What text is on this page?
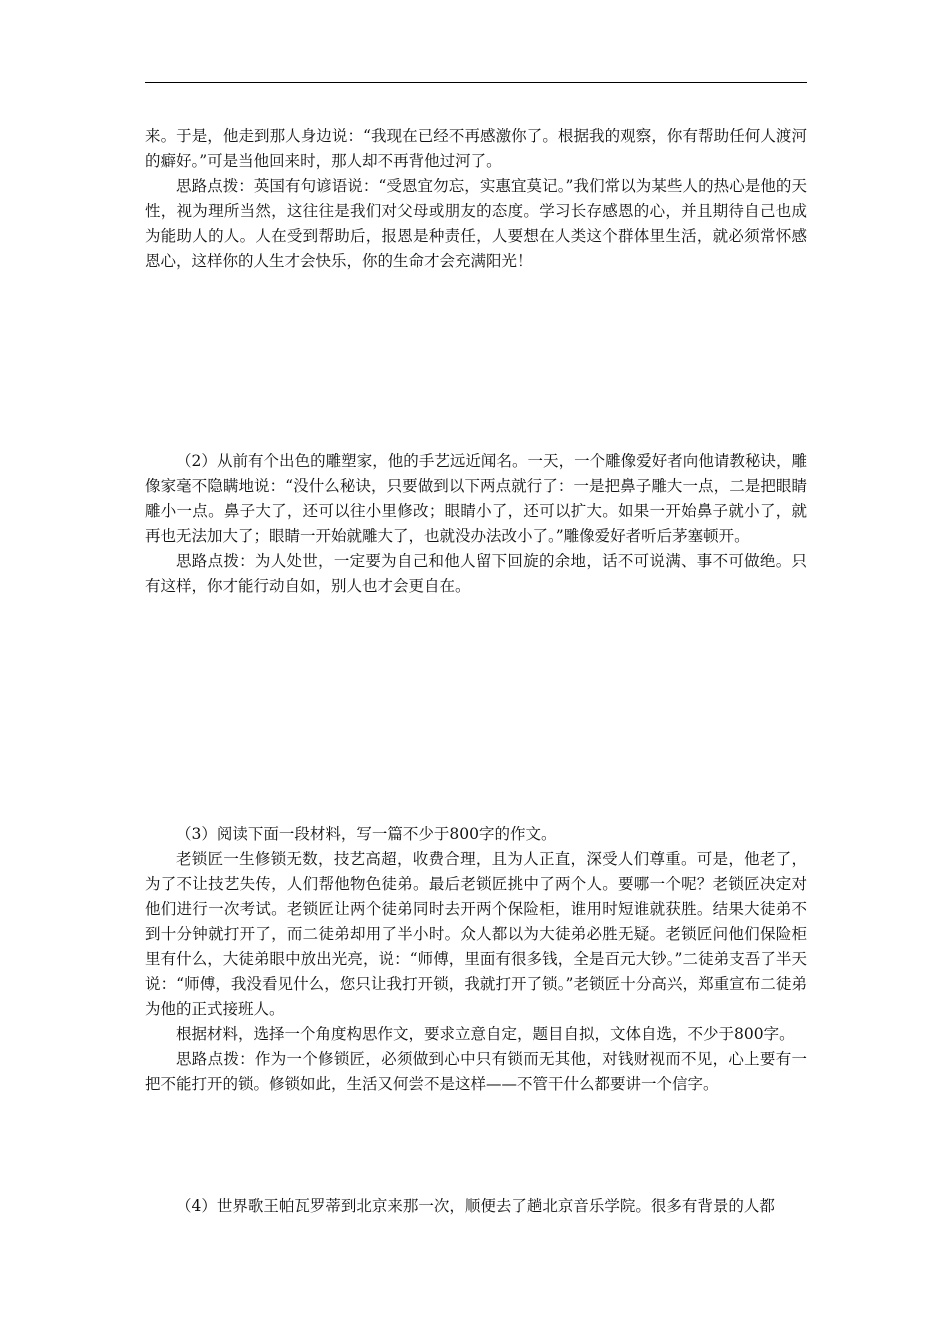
来。于是，他走到那人身边说：“我现在已经不再感激你了。根据我的观察，你有帮助任何人渡河的癖好。”可是当他回来时，那人却不再背他过河了。

思路点拨：英国有句谚语说：“受恩宜勿忘，实惠宜莫记。”我们常以为某些人的热心是他的天性，视为理所当然，这往往是我们对父母或朋友的态度。学习长存感恩的心，并且期待自己也成为能助人的人。人在受到帮助后，报恩是种责任，人要想在人类这个群体里生活，就必须常怀感恩心，这样你的人生才会快乐，你的生命才会充满阳光！

（2）从前有个出色的雕塑家，他的手艺远近闻名。一天，一个雕像爱好者向他请教秘诀，雕像家毫不隐瞒地说：“没什么秘诀，只要做到以下两点就行了：一是把鼻子雕大一点，二是把眼睛雕小一点。鼻子大了，还可以往小里修改；眼睛小了，还可以扩大。如果一开始鼻子就小了，就再也无法加大了；眼睛一开始就雕大了，也就没办法改小了。”雕像爱好者听后茅塞顿开。

思路点拨：为人处世，一定要为自己和他人留下回旋的余地，话不可说满、事不可做绝。只有这样，你才能行动自如，别人也才会更自在。

（3）阅读下面一段材料，写一篇不少于800字的作文。

老锁匠一生修锁无数，技艺高超，收费合理，且为人正直，深受人们尊重。可是，他老了，为了不让技艺失传，人们帮他物色徒弟。最后老锁匠挑中了两个人。要哪一个呢？老锁匠决定对他们进行一次考试。老锁匠让两个徒弟同时去开两个保险柜，谁用时短谁就获胜。结果大徒弟不到十分钟就打开了，而二徒弟却用了半小时。众人都以为大徒弟必胜无疑。老锁匠问他们保险柜里有什么，大徒弟眼中放出光亮，说：“师傅，里面有很多钱，全是百元大钞。”二徒弟支吾了半天说：“师傅，我没看见什么，您只让我打开锁，我就打开了锁。”老锁匠十分高兴，郑重宣布二徒弟为他的正式接班人。

根据材料，选择一个角度构思作文，要求立意自定，题目自拟，文体自选，不少于800字。

思路点拨：作为一个修锁匠，必须做到心中只有锁而无其他，对钱财视而不见，心上要有一把不能打开的锁。修锁如此，生活又何尝不是这样——不管干什么都要讲一个信字。

（4）世界歌王帕瓦罗蒂到北京来那一次，顺便去了趟北京音乐学院。很多有背景的人都
